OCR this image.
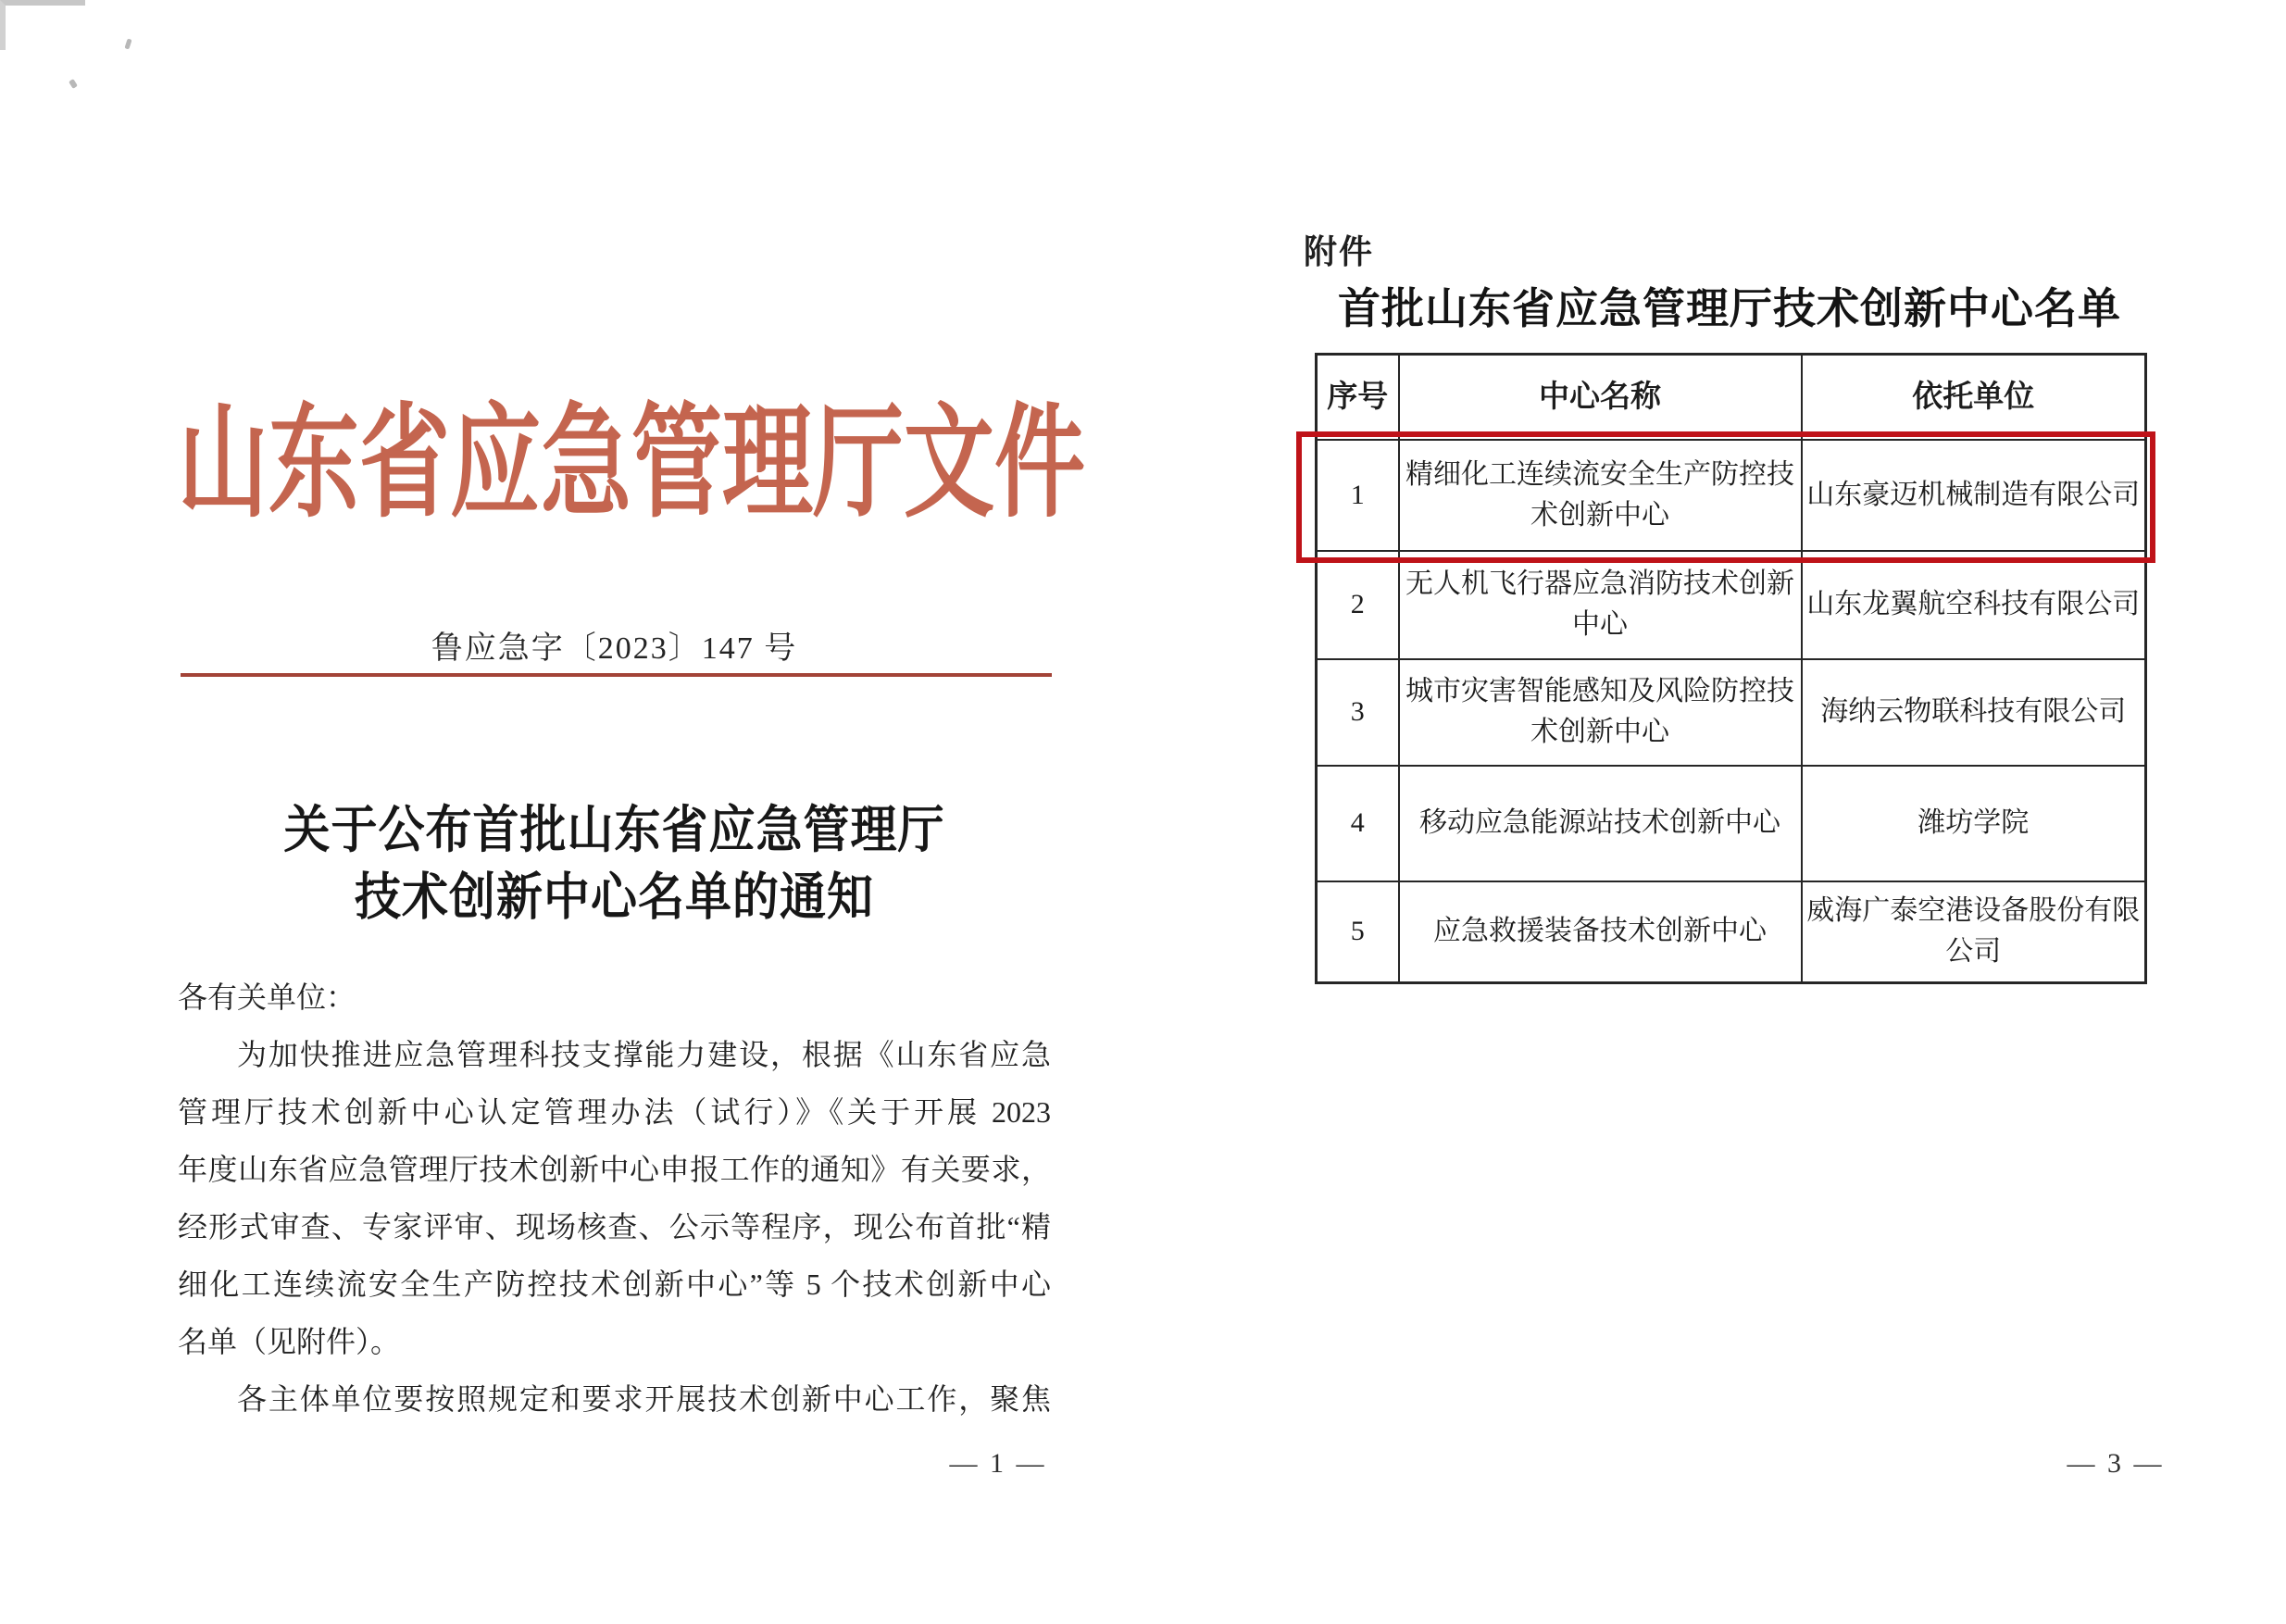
山东省应急管理厅文件
鲁应急字〔2023〕147 号
关于公布首批山东省应急管理厅
技术创新中心名单的通知
各有关单位：
为加快推进应急管理科技支撑能力建设，根据《山东省应急
管理厅技术创新中心认定管理办法（试行）》《关于开展 2023
年度山东省应急管理厅技术创新中心申报工作的通知》有关要求，
经形式审查、专家评审、现场核查、公示等程序，现公布首批“精
细化工连续流安全生产防控技术创新中心”等 5 个技术创新中心
名单（见附件）。
各主体单位要按照规定和要求开展技术创新中心工作，聚焦
— 1 —
附件
首批山东省应急管理厅技术创新中心名单
序号	中心名称	依托单位
1	精细化工连续流安全生产防控技术创新中心	山东豪迈机械制造有限公司
2	无人机飞行器应急消防技术创新中心	山东龙翼航空科技有限公司
3	城市灾害智能感知及风险防控技术创新中心	海纳云物联科技有限公司
4	移动应急能源站技术创新中心	潍坊学院
5	应急救援装备技术创新中心	威海广泰空港设备股份有限公司
— 3 —
